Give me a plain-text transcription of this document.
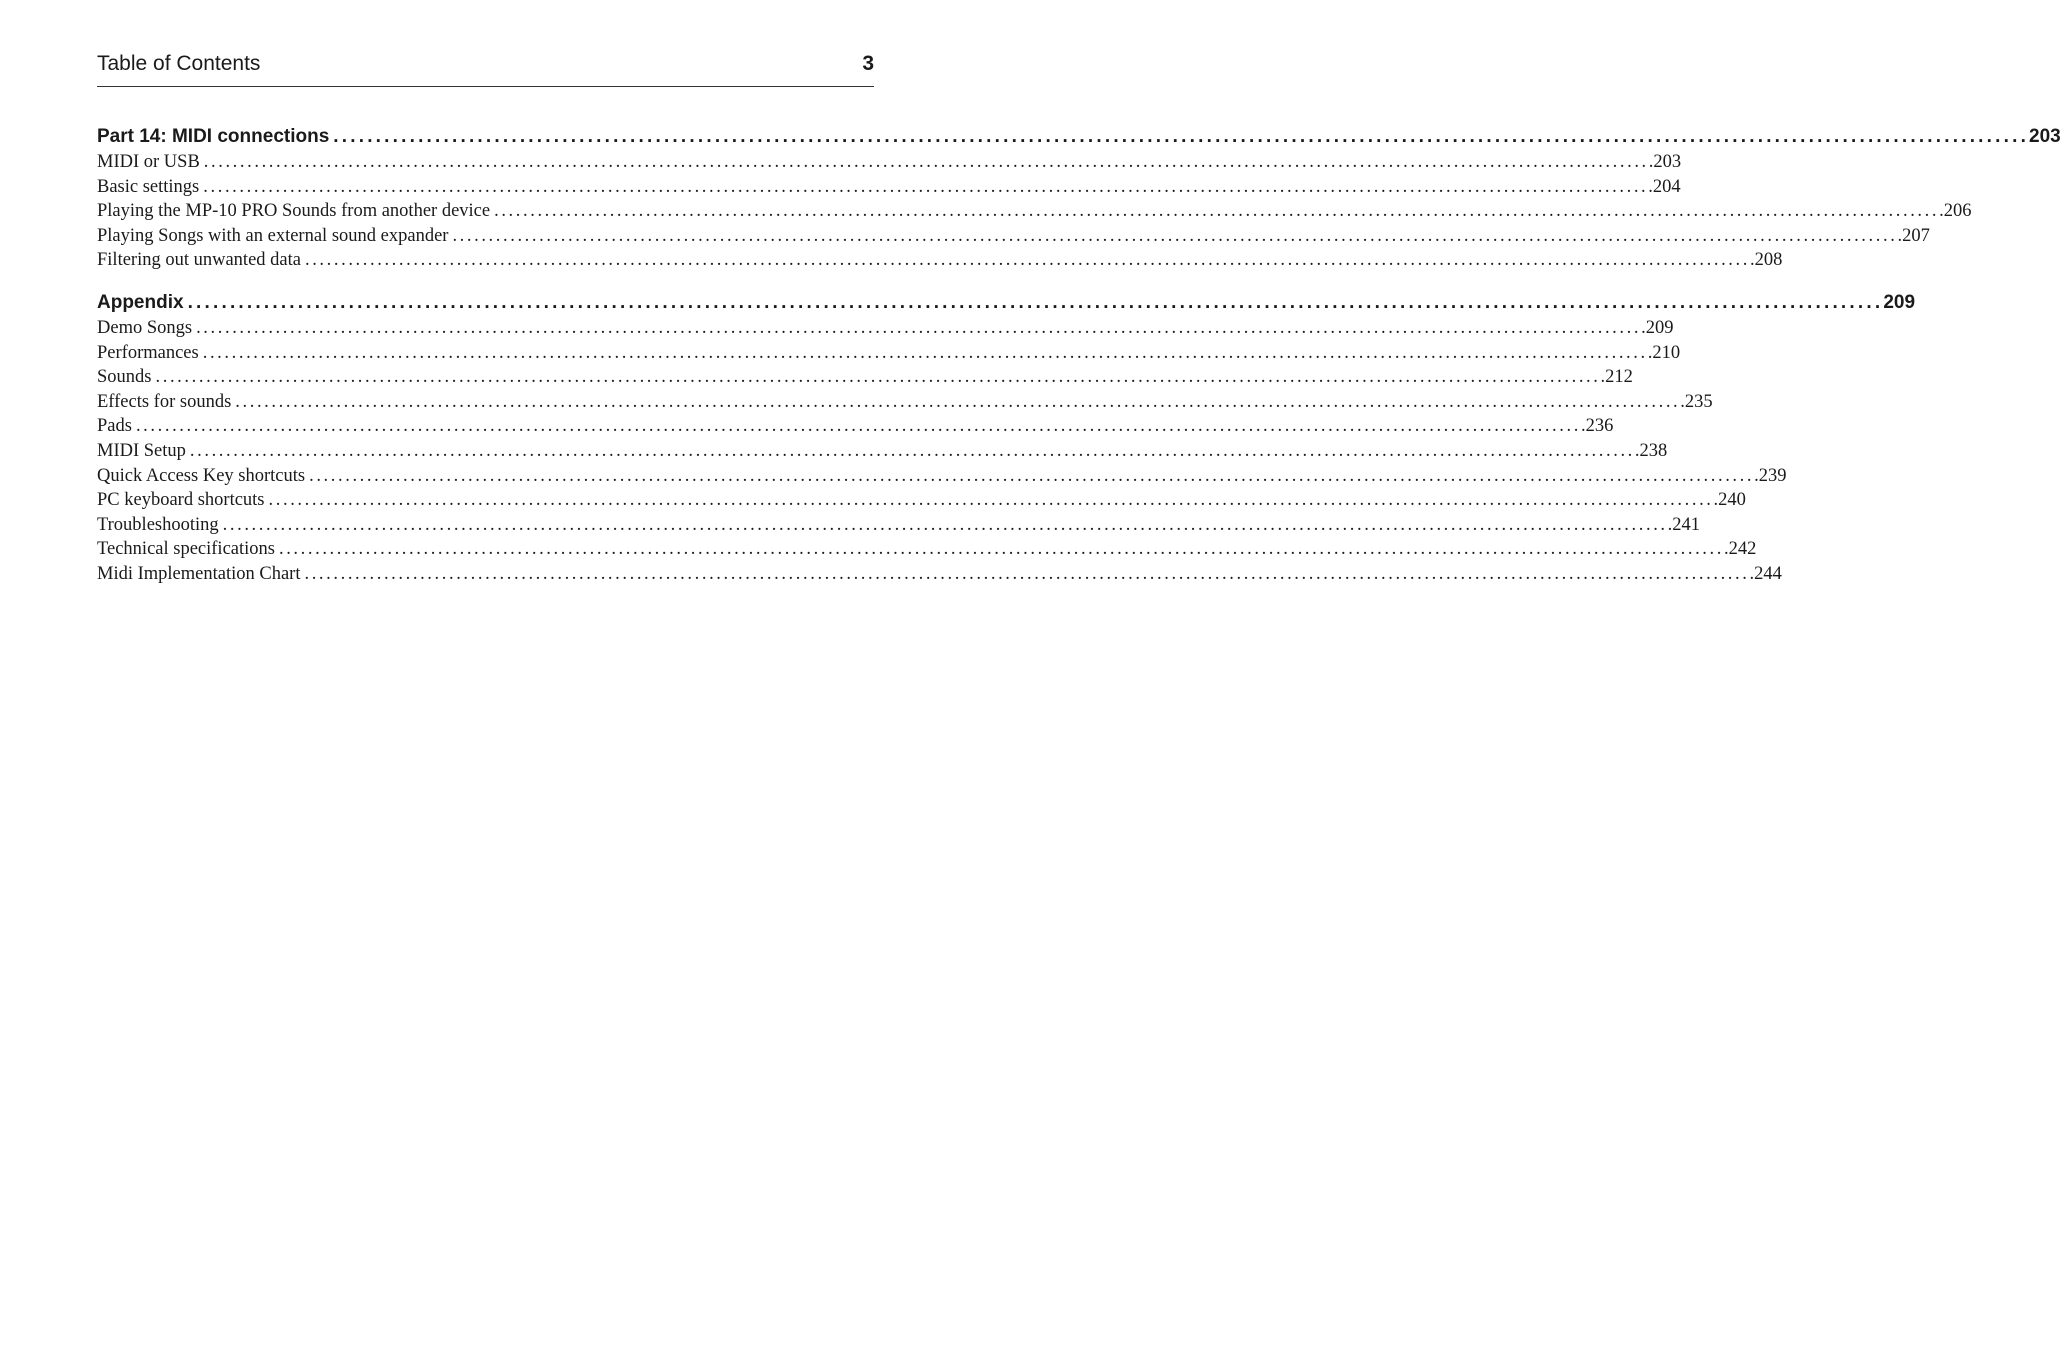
Table of Contents	3
Part 14: MIDI connections ........................................................................................................................................................................................................ 203
MIDI or USB ........................................................................................................................................................................................................ .203
Basic settings ........................................................................................................................................................................................................ .204
Playing the MP-10 PRO Sounds from another device ........................................................................................................................................................................................................ .206
Playing Songs with an external sound expander ........................................................................................................................................................................................................ .207
Filtering out unwanted data ........................................................................................................................................................................................................ .208
Appendix ........................................................................................................................................................................................................ 209
Demo Songs ........................................................................................................................................................................................................ .209
Performances ........................................................................................................................................................................................................ .210
Sounds ........................................................................................................................................................................................................ .212
Effects for sounds ........................................................................................................................................................................................................ .235
Pads ........................................................................................................................................................................................................ .236
MIDI Setup ........................................................................................................................................................................................................ .238
Quick Access Key shortcuts ........................................................................................................................................................................................................ .239
PC keyboard shortcuts ........................................................................................................................................................................................................ .240
Troubleshooting ........................................................................................................................................................................................................ .241
Technical specifications ........................................................................................................................................................................................................ .242
Midi Implementation Chart ........................................................................................................................................................................................................ .244
